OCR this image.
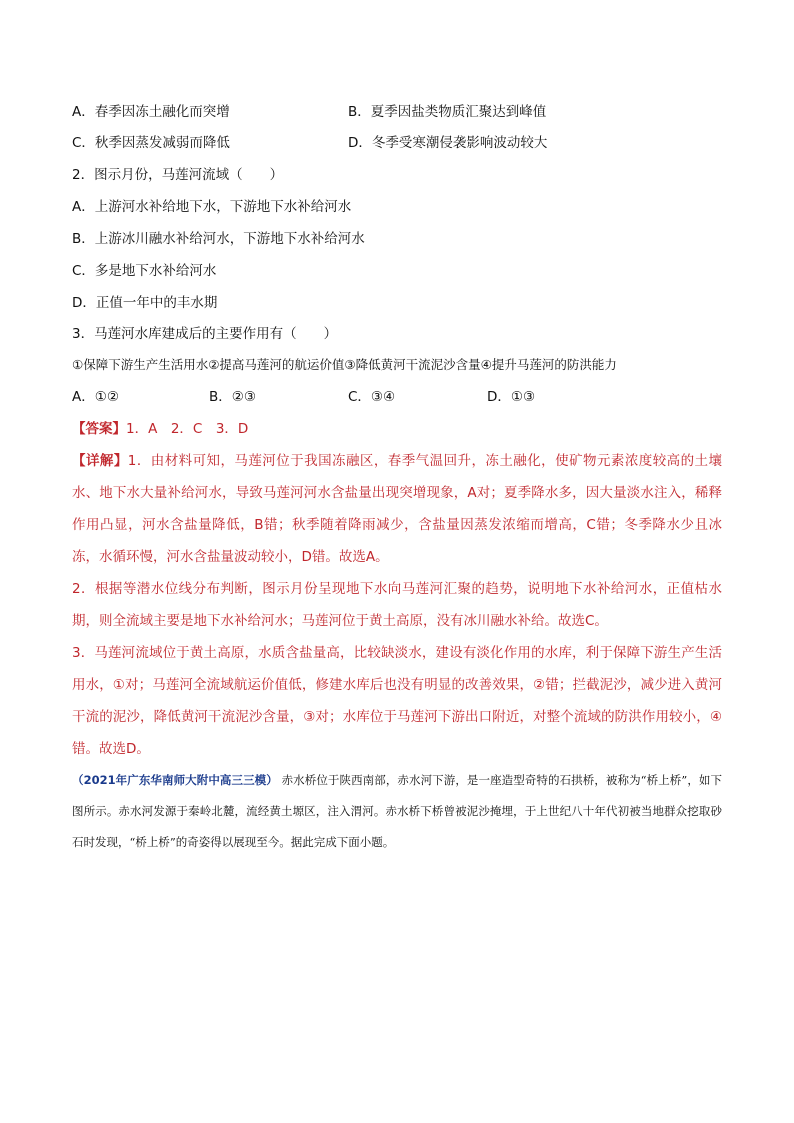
A．春季因冻土融化而突增	B．夏季因盐类物质汇聚达到峰值
C．秋季因蒸发减弱而降低	D．冬季受寒潮侵袭影响波动较大
2．图示月份，马莲河流域（　　）
A．上游河水补给地下水，下游地下水补给河水
B．上游冰川融水补给河水，下游地下水补给河水
C．多是地下水补给河水
D．正值一年中的丰水期
3．马莲河水库建成后的主要作用有（　　）
①保障下游生产生活用水②提高马莲河的航运价值③降低黄河干流泥沙含量④提升马莲河的防洪能力
A．①②	B．②③	C．③④	D．①③
【答案】1．A　2．C　3．D
【详解】1．由材料可知，马莲河位于我国冻融区，春季气温回升，冻土融化，使矿物元素浓度较高的土壤水、地下水大量补给河水，导致马莲河河水含盐量出现突增现象，A对；夏季降水多，因大量淡水注入，稀释作用凸显，河水含盐量降低，B错；秋季随着降雨减少，含盐量因蒸发浓缩而增高，C错；冬季降水少且冰冻，水循环慢，河水含盐量波动较小，D错。故选A。
2．根据等潜水位线分布判断，图示月份呈现地下水向马莲河汇聚的趋势，说明地下水补给河水，正值枯水期，则全流域主要是地下水补给河水；马莲河位于黄土高原，没有冰川融水补给。故选C。
3．马莲河流域位于黄土高原，水质含盐量高，比较缺淡水，建设有淡化作用的水库，利于保障下游生产生活用水，①对；马莲河全流域航运价值低，修建水库后也没有明显的改善效果，②错；拦截泥沙，减少进入黄河干流的泥沙，降低黄河干流泥沙含量，③对；水库位于马莲河下游出口附近，对整个流域的防洪作用较小，④错。故选D。
（2021年广东华南师大附中高三三模） 赤水桥位于陕西南部，赤水河下游，是一座造型奇特的石拱桥，被称为“桥上桥”，如下图所示。赤水河发源于秦岭北麓，流经黄土塬区，注入渭河。赤水桥下桥曾被泥沙掩埋，于上世纪八十年代初被当地群众挖取砂石时发现，“桥上桥”的奇姿得以展现至今。据此完成下面小题。
